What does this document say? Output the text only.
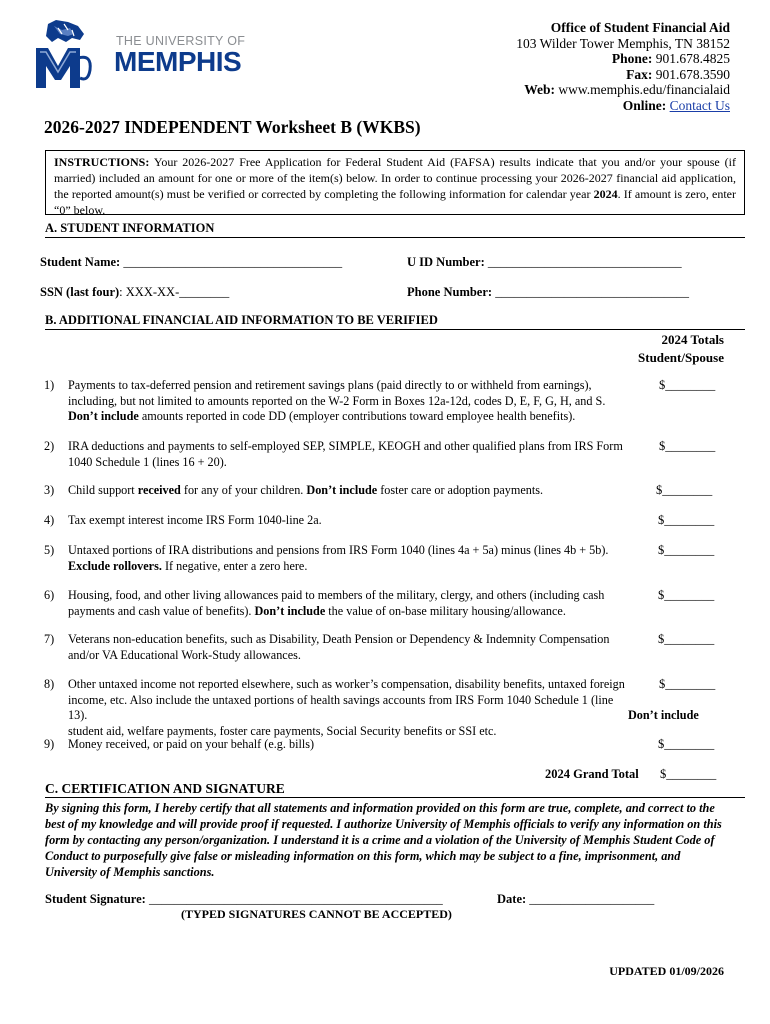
THE UNIVERSITY OF
MEMPHIS
Office of Student Financial Aid
103 Wilder Tower Memphis, TN 38152
Phone: 901.678.4825
Fax: 901.678.3590
Web: www.memphis.edu/financialaid
Online: Contact Us
2026-2027 INDEPENDENT Worksheet B (WKBS)
INSTRUCTIONS: Your 2026-2027 Free Application for Federal Student Aid (FAFSA) results indicate that you and/or your spouse (if married) included an amount for one or more of the item(s) below. In order to continue processing your 2026-2027 financial aid application, the reported amount(s) must be verified or corrected by completing the following information for calendar year 2024. If amount is zero, enter “0” below.
A. STUDENT INFORMATION
Student Name: ___________________________________	U ID Number: _______________________________
SSN (last four): XXX-XX-________	Phone Number: _______________________________
B. ADDITIONAL FINANCIAL AID INFORMATION TO BE VERIFIED
2024 Totals
Student/Spouse
1) Payments to tax-deferred pension and retirement savings plans (paid directly to or withheld from earnings), including, but not limited to amounts reported on the W-2 Form in Boxes 12a-12d, codes D, E, F, G, H, and S.
Don’t include amounts reported in code DD (employer contributions toward employee health benefits).
$________
2) IRA deductions and payments to self-employed SEP, SIMPLE, KEOGH and other qualified plans from IRS Form 1040 Schedule 1 (lines 16 + 20).
$________
3) Child support received for any of your children. Don’t include foster care or adoption payments.	$________
4) Tax exempt interest income IRS Form 1040-line 2a.	$________
5) Untaxed portions of IRA distributions and pensions from IRS Form 1040 (lines 4a + 5a) minus (lines 4b + 5b).
Exclude rollovers. If negative, enter a zero here.
$________
6) Housing, food, and other living allowances paid to members of the military, clergy, and others (including cash payments and cash value of benefits). Don’t include the value of on-base military housing/allowance.
$________
7) Veterans non-education benefits, such as Disability, Death Pension or Dependency & Indemnity Compensation and/or VA Educational Work-Study allowances.
$________
8) Other untaxed income not reported elsewhere, such as worker’s compensation, disability benefits, untaxed foreign income, etc. Also include the untaxed portions of health savings accounts from IRS Form 1040 Schedule 1 (line 13).	Don’t include student aid, welfare payments, foster care payments, Social Security benefits or SSI etc.
$________
9) Money received, or paid on your behalf (e.g. bills)	$________
2024 Grand Total $________
C. CERTIFICATION AND SIGNATURE
By signing this form, I hereby certify that all statements and information provided on this form are true, complete, and correct to the best of my knowledge and will provide proof if requested. I authorize University of Memphis officials to verify any information on this form by contacting any person/organization. I understand it is a crime and a violation of the University of Memphis Student Code of Conduct to purposefully give false or misleading information on this form, which may be subject to a fine, imprisonment, and University of Memphis sanctions.
Student Signature: _______________________________________________	Date: ____________________
(TYPED SIGNATURES CANNOT BE ACCEPTED)
UPDATED 01/09/2026
